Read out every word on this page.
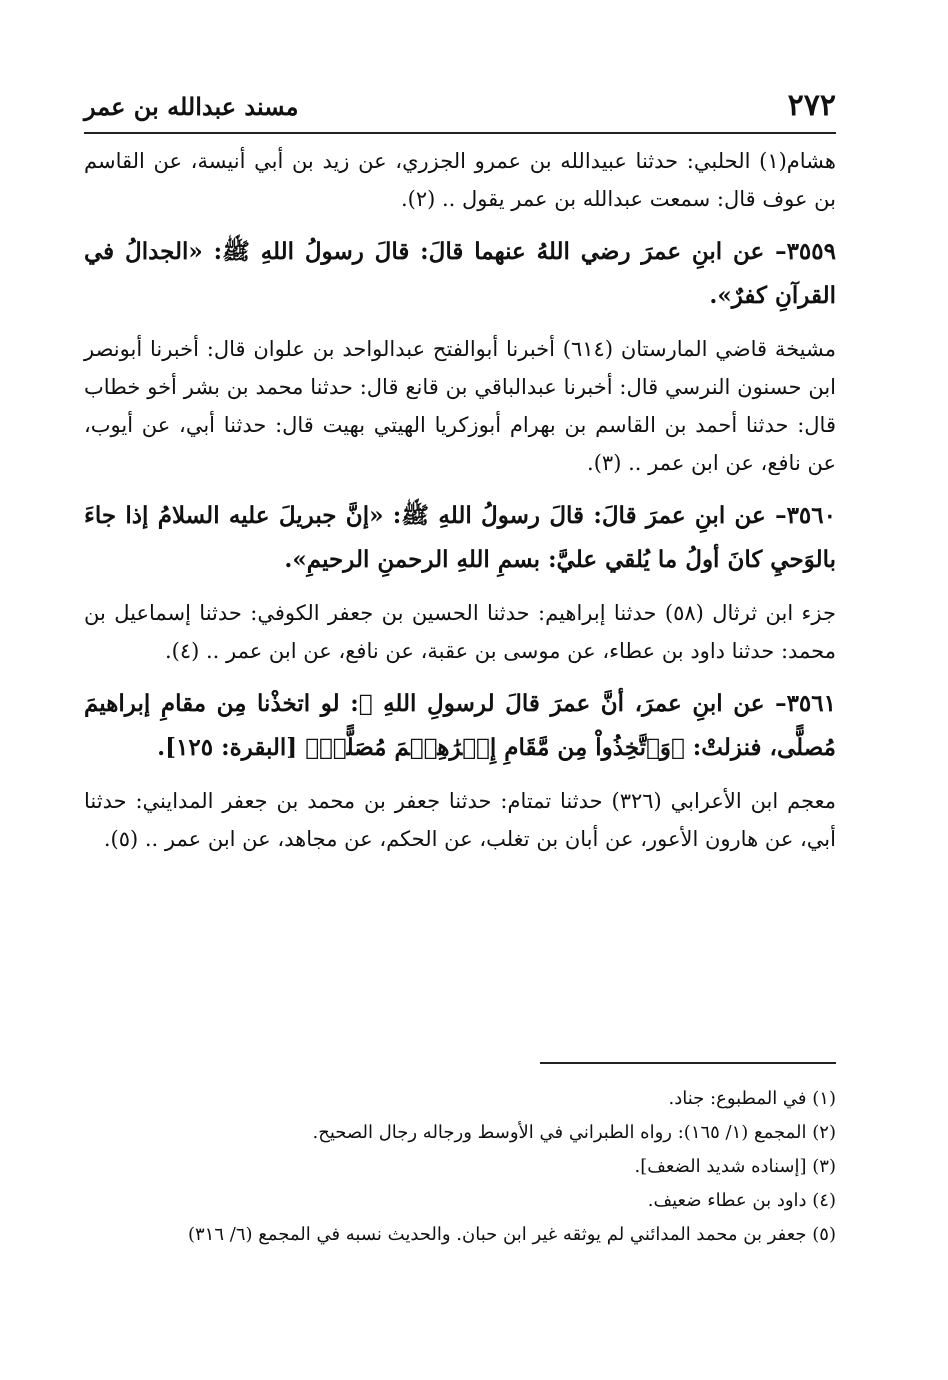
٢٧٢
مسند عبدالله بن عمر

هشام(١) الحلبي: حدثنا عبيدالله بن عمرو الجزري، عن زيد بن أبي أنيسة، عن القاسم بن عوف قال: سمعت عبدالله بن عمر يقول .. (٢).

٣٥٥٩– عن ابنِ عمرَ رضي اللهُ عنهما قالَ: قالَ رسولُ اللهِ ﷺ: «الجدالُ في القرآنِ كفرٌ».

مشيخة قاضي المارستان (٦١٤) أخبرنا أبوالفتح عبدالواحد بن علوان قال: أخبرنا أبونصر ابن حسنون النرسي قال: أخبرنا عبدالباقي بن قانع قال: حدثنا محمد بن بشر أخو خطاب قال: حدثنا أحمد بن القاسم بن بهرام أبوزكريا الهيتي بهيت قال: حدثنا أبي، عن أيوب، عن نافع، عن ابن عمر .. (٣).

٣٥٦٠– عن ابنِ عمرَ قالَ: قالَ رسولُ اللهِ ﷺ: «إنَّ جبريلَ عليه السلامُ إذا جاءَ بالوَحيِ كانَ أولُ ما يُلقي عليَّ: بسمِ اللهِ الرحمنِ الرحيمِ».

جزء ابن ثرثال (٥٨) حدثنا إبراهيم: حدثنا الحسين بن جعفر الكوفي: حدثنا إسماعيل بن محمد: حدثنا داود بن عطاء، عن موسى بن عقبة، عن نافع، عن ابن عمر .. (٤).

٣٥٦١– عن ابنِ عمرَ، أنَّ عمرَ قالَ لرسولِ اللهِ ﷺ: لو اتخذْنا مِن مقامِ إبراهيمَ مُصلًّى، فنزلتْ: ﴿وَٱتَّخِذُواْ مِن مَّقَامِ إِبۡرَٰهِـۧمَ مُصَلًّىۖ﴾ [البقرة: ١٢٥].

معجم ابن الأعرابي (٣٢٦) حدثنا تمتام: حدثنا جعفر بن محمد بن جعفر المدايني: حدثنا أبي، عن هارون الأعور، عن أبان بن تغلب، عن الحكم، عن مجاهد، عن ابن عمر .. (٥).

(١) في المطبوع: جناد.

(٢) المجمع (١/ ١٦٥): رواه الطبراني في الأوسط ورجاله رجال الصحيح.

(٣) [إسناده شديد الضعف].

(٤) داود بن عطاء ضعيف.

(٥) جعفر بن محمد المدائني لم يوثقه غير ابن حبان. والحديث نسبه في المجمع (٦/ ٣١٦)
